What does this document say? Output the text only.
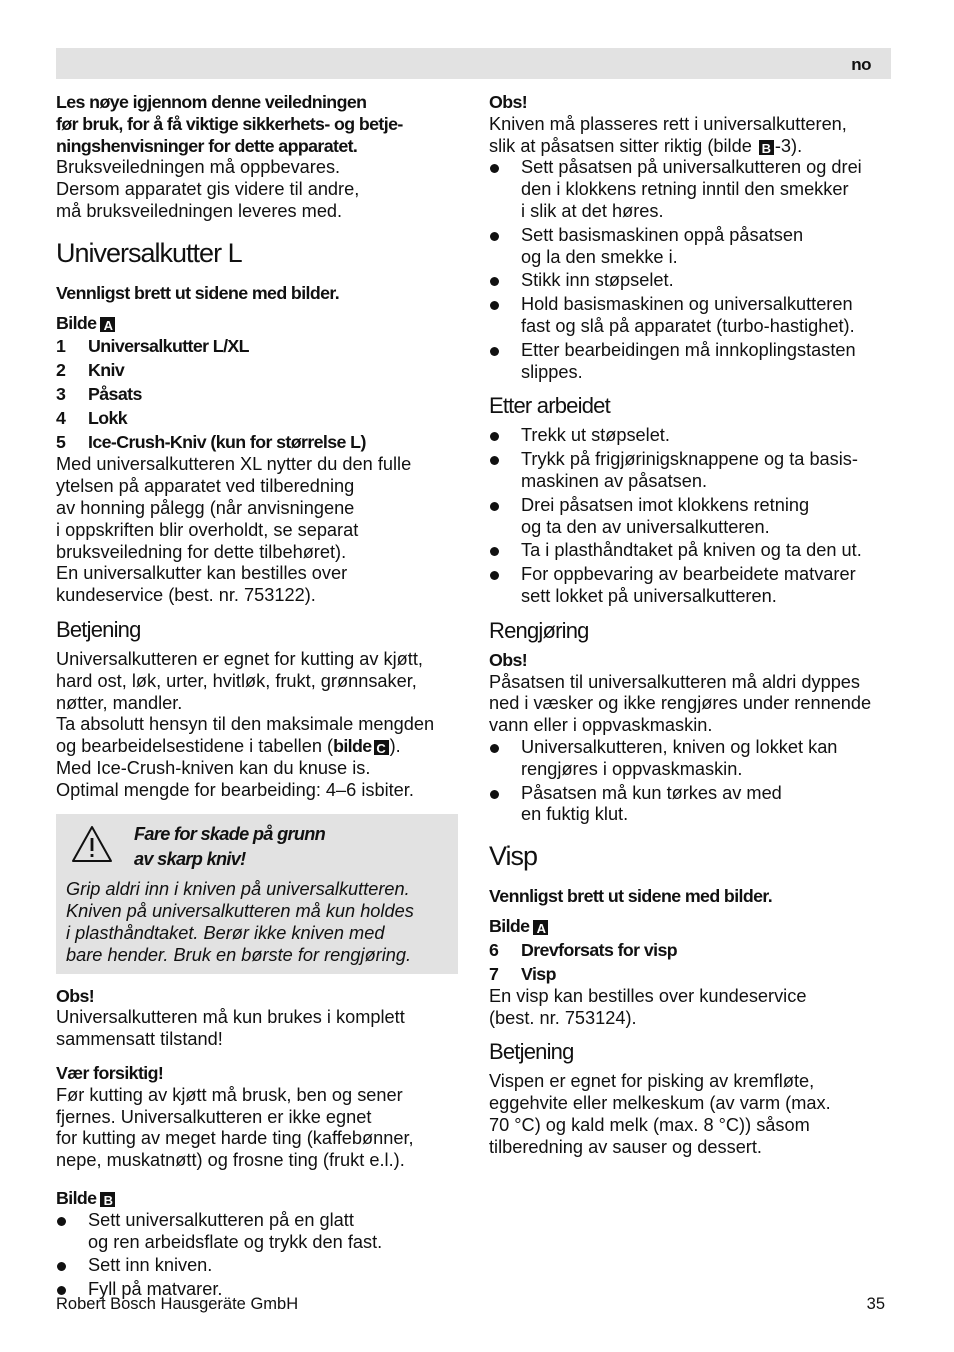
no

Les nøye igjennom denne veiledningen

før bruk, for å få viktige sikkerhets- og betje-

ningshenvisninger for dette apparatet.

Bruksveiledningen må oppbevares.

Dersom apparatet gis videre til andre,

må bruksveiledningen leveres med.

Universalkutter L

Vennligst brett ut sidene med bilder.

Bilde A

1	Universalkutter L/XL
2	Kniv
3	Påsats
4	Lokk
5	Ice-Crush-Kniv (kun for størrelse L)

Med universalkutteren XL nytter du den fulle

ytelsen på apparatet ved tilberedning

av honning pålegg (når anvisningene

i oppskriften blir overholdt, se separat

bruksveiledning for dette tilbehøret).

En universalkutter kan bestilles over

kundeservice (best. nr. 753122).

Betjening

Universalkutteren er egnet for kutting av kjøtt,

hard ost, løk, urter, hvitløk, frukt, grønnsaker,

nøtter, mandler.

Ta absolutt hensyn til den maksimale mengden

og bearbeidelsestidene i tabellen (bilde C ).

Med Ice-Crush-kniven kan du knuse is.

Optimal mengde for bearbeiding: 4–6 isbiter.

Fare for skade på grunn
av skarp kniv!
Grip aldri inn i kniven på universalkutteren.
Kniven på universalkutteren må kun holdes
i plasthåndtaket. Berør ikke kniven med
bare hender. Bruk en børste for rengjøring.

Obs!

Universalkutteren må kun brukes i komplett

sammensatt tilstand!

Vær forsiktig!

Før kutting av kjøtt må brusk, ben og sener

fjernes. Universalkutteren er ikke egnet

for kutting av meget harde ting (kaffebønner,

nepe, muskatnøtt) og frosne ting (frukt e.l.).

Bilde B

Sett universalkutteren på en glatt
og ren arbeidsflate og trykk den fast.
Sett inn kniven.
Fyll på matvarer.

Obs!

Kniven må plasseres rett i universalkutteren,

slik at påsatsen sitter riktig (bilde B -3).

Sett påsatsen på universalkutteren og drei
den i klokkens retning inntil den smekker
i slik at det høres.
Sett basismaskinen oppå påsatsen
og la den smekke i.
Stikk inn støpselet.
Hold basismaskinen og universalkutteren
fast og slå på apparatet (turbo-hastighet).
Etter bearbeidingen må innkoplingstasten
slippes.
Etter arbeidet
Trekk ut støpselet.
Trykk på frigjørinigsknappene og ta basis-
maskinen av påsatsen.
Drei påsatsen imot klokkens retning
og ta den av universalkutteren.
Ta i plasthåndtaket på kniven og ta den ut.
For oppbevaring av bearbeidete matvarer
sett lokket på universalkutteren.
Rengjøring

Obs!

Påsatsen til universalkutteren må aldri dyppes

ned i væsker og ikke rengjøres under rennende

vann eller i oppvaskmaskin.

Universalkutteren, kniven og lokket kan
rengjøres i oppvaskmaskin.
Påsatsen må kun tørkes av med
en fuktig klut.
Visp

Vennligst brett ut sidene med bilder.

Bilde A

6	Drevforsats for visp
7	Visp

En visp kan bestilles over kundeservice

(best. nr. 753124).

Betjening

Vispen er egnet for pisking av kremfløte,

eggehvite eller melkeskum (av varm (max.

70 °C) og kald melk (max. 8 °C)) såsom

tilberedning av sauser og dessert.

Robert Bosch Hausgeräte GmbH	35
